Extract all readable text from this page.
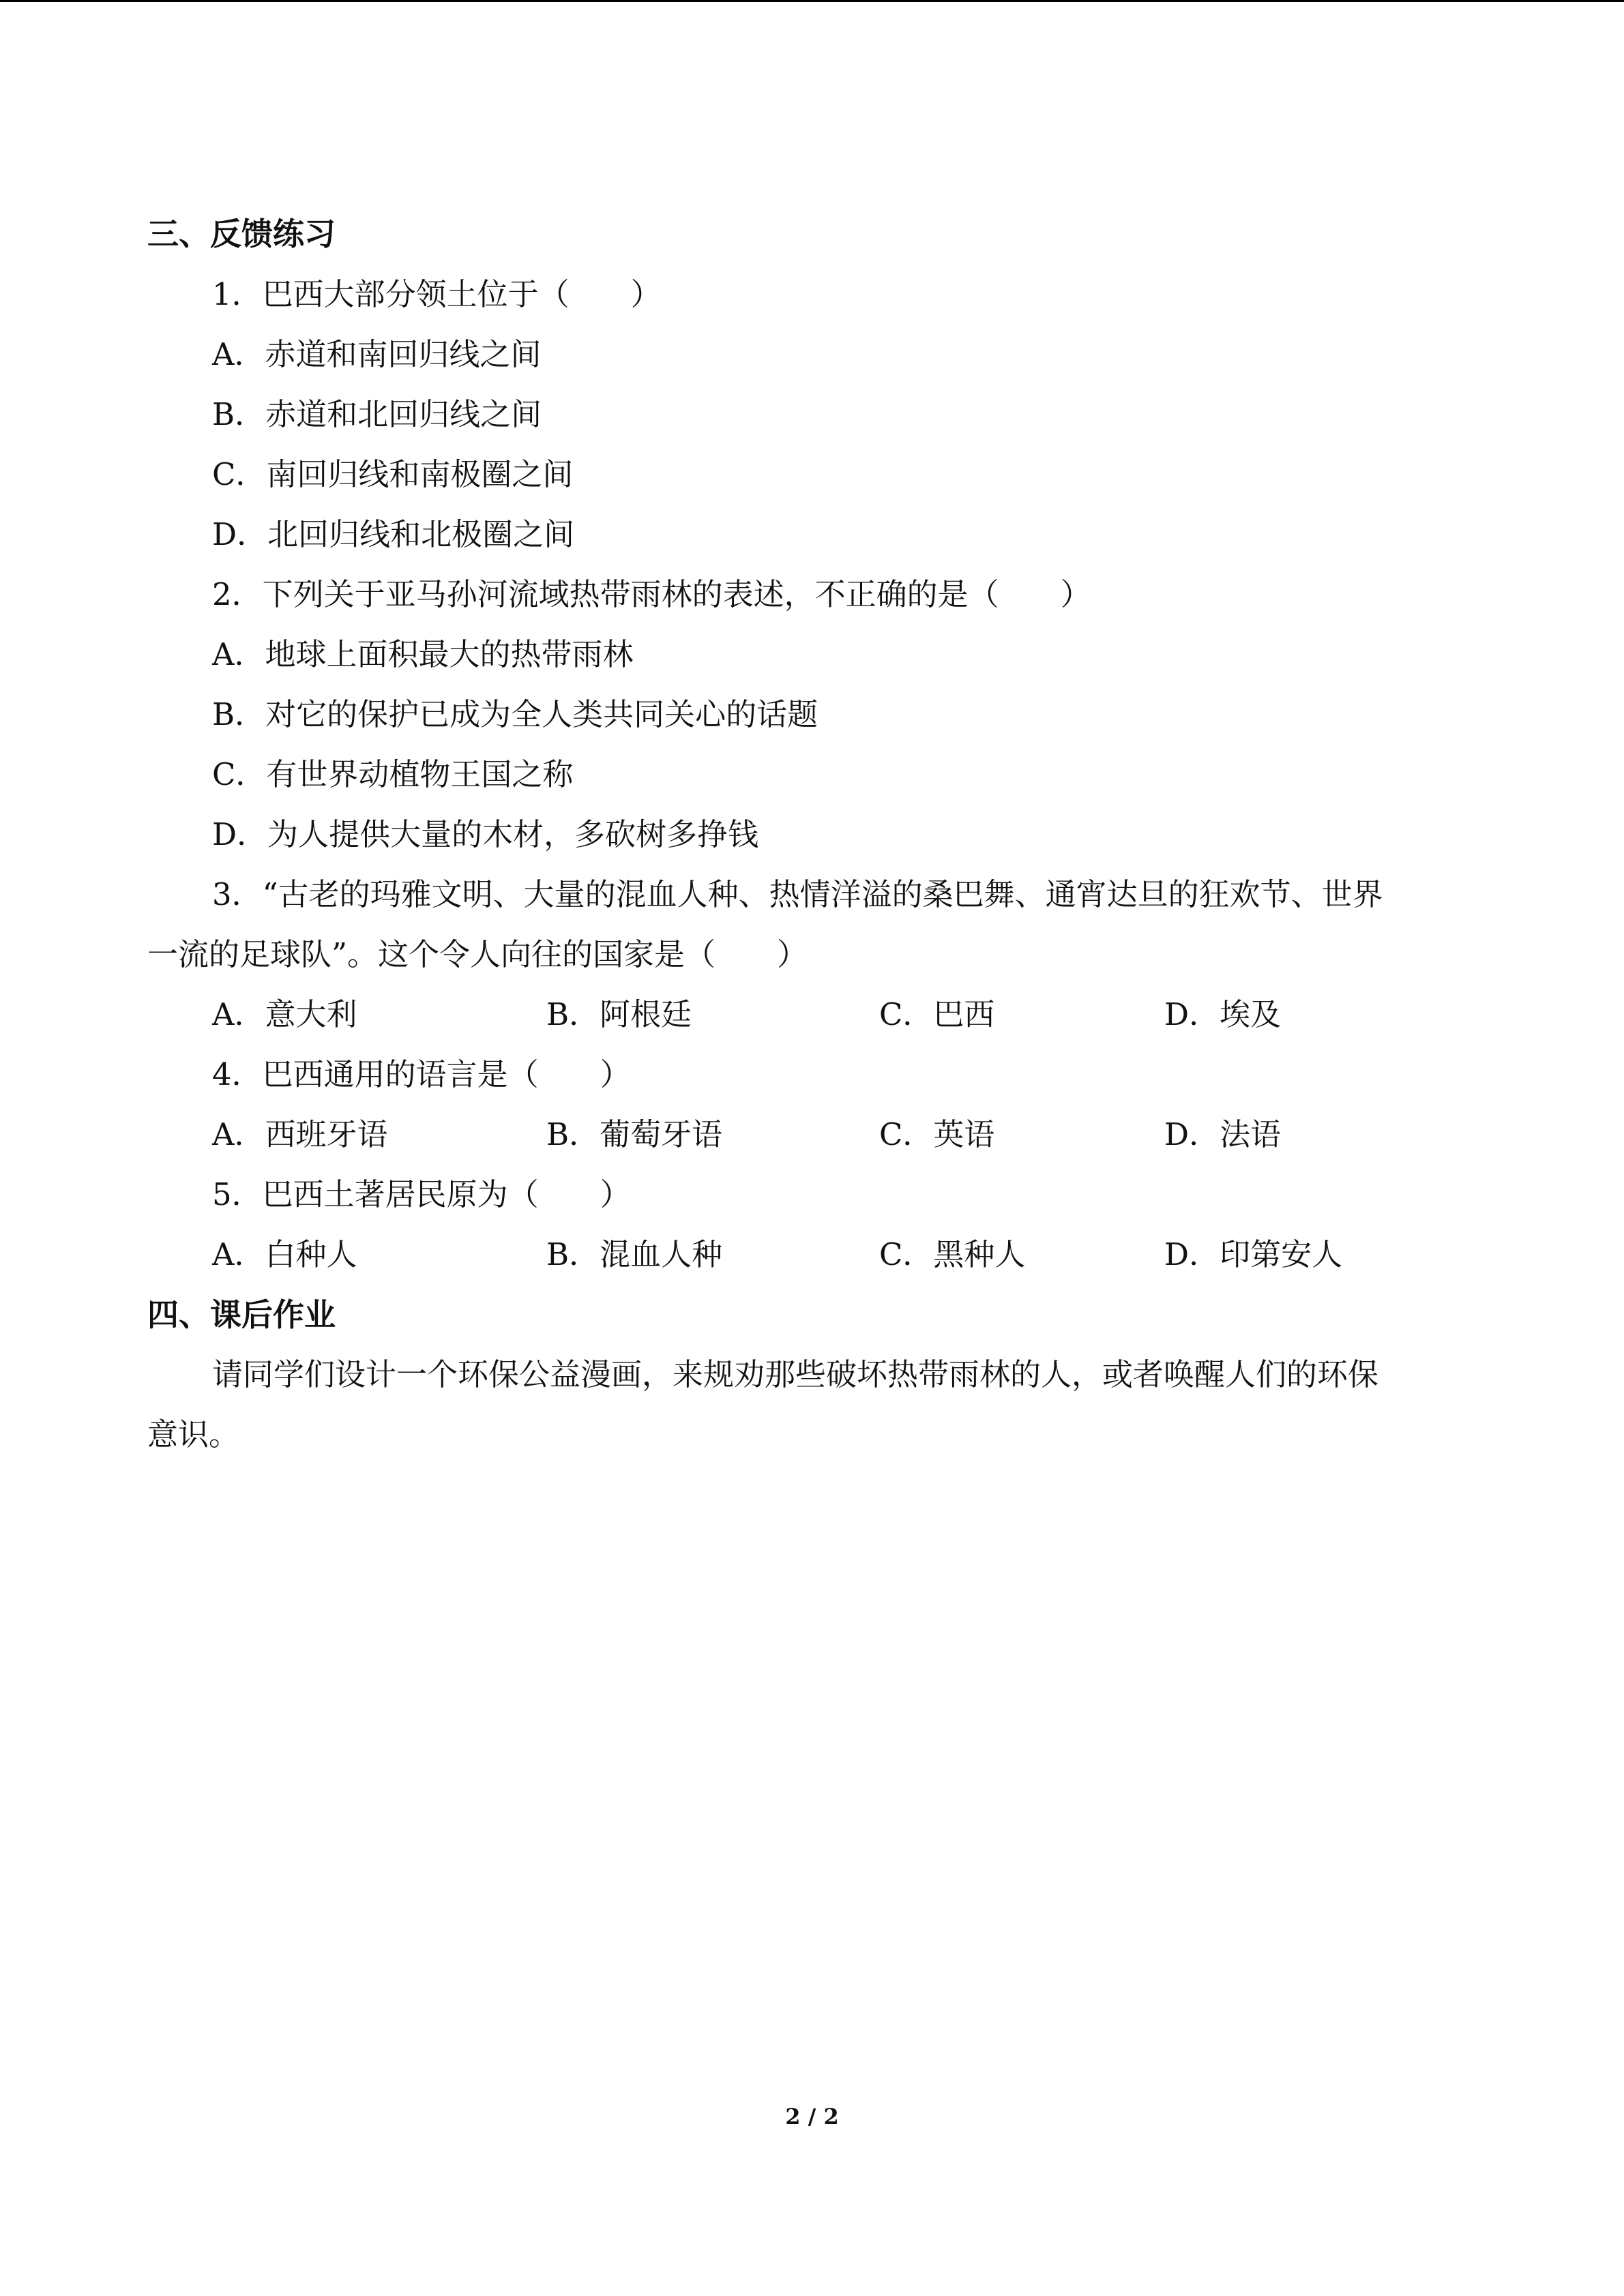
三、反馈练习
1．巴西大部分领土位于（　　）
A．赤道和南回归线之间
B．赤道和北回归线之间
C．南回归线和南极圈之间
D．北回归线和北极圈之间
2．下列关于亚马孙河流域热带雨林的表述，不正确的是（　　）
A．地球上面积最大的热带雨林
B．对它的保护已成为全人类共同关心的话题
C．有世界动植物王国之称
D．为人提供大量的木材，多砍树多挣钱
3．“古老的玛雅文明、大量的混血人种、热情洋溢的桑巴舞、通宵达旦的狂欢节、世界
一流的足球队”。这个令人向往的国家是（　　）
A．意大利	B．阿根廷	C．巴西	D．埃及
4．巴西通用的语言是（　　）
A．西班牙语	B．葡萄牙语	C．英语	D．法语
5．巴西土著居民原为（　　）
A．白种人	B．混血人种	C．黑种人	D．印第安人
四、课后作业
请同学们设计一个环保公益漫画，来规劝那些破坏热带雨林的人，或者唤醒人们的环保
意识。
2 / 2
